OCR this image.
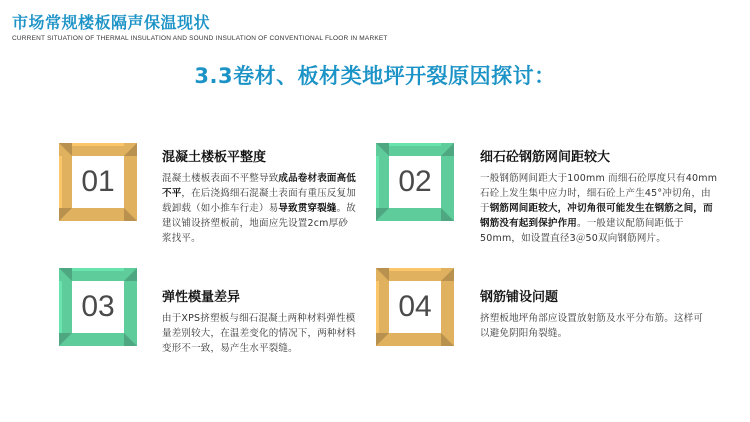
市场常规楼板隔声保温现状
CURRENT SITUATION OF THERMAL INSULATION AND SOUND INSULATION OF CONVENTIONAL FLOOR IN MARKET
3.3卷材、板材类地坪开裂原因探讨：
01
混凝土楼板平整度
混凝土楼板表面不平整导致成品卷材表面高低不平，在后浇捣细石混凝土表面有重压反复加载卸载（如小推车行走）易导致贯穿裂缝。故建议铺设挤塑板前，地面应先设置2cm厚砂浆找平。
02
细石砼钢筋网间距较大
一般钢筋网间距大于100mm 而细石砼厚度只有40mm 石砼上发生集中应力时，细石砼上产生45°冲切角，由于钢筋网间距较大，冲切角很可能发生在钢筋之间，而钢筋没有起到保护作用。一般建议配筋间距低于50mm，如设置直径3＠50双向钢筋网片。
03	弹性模量差异
由于XPS挤塑板与细石混凝土两种材料弹性模量差别较大，在温差变化的情况下，两种材料变形不一致，易产生水平裂缝。
04	钢筋铺设问题
挤塑板地坪角部应设置放射筋及水平分布筋。这样可以避免阴阳角裂缝。
